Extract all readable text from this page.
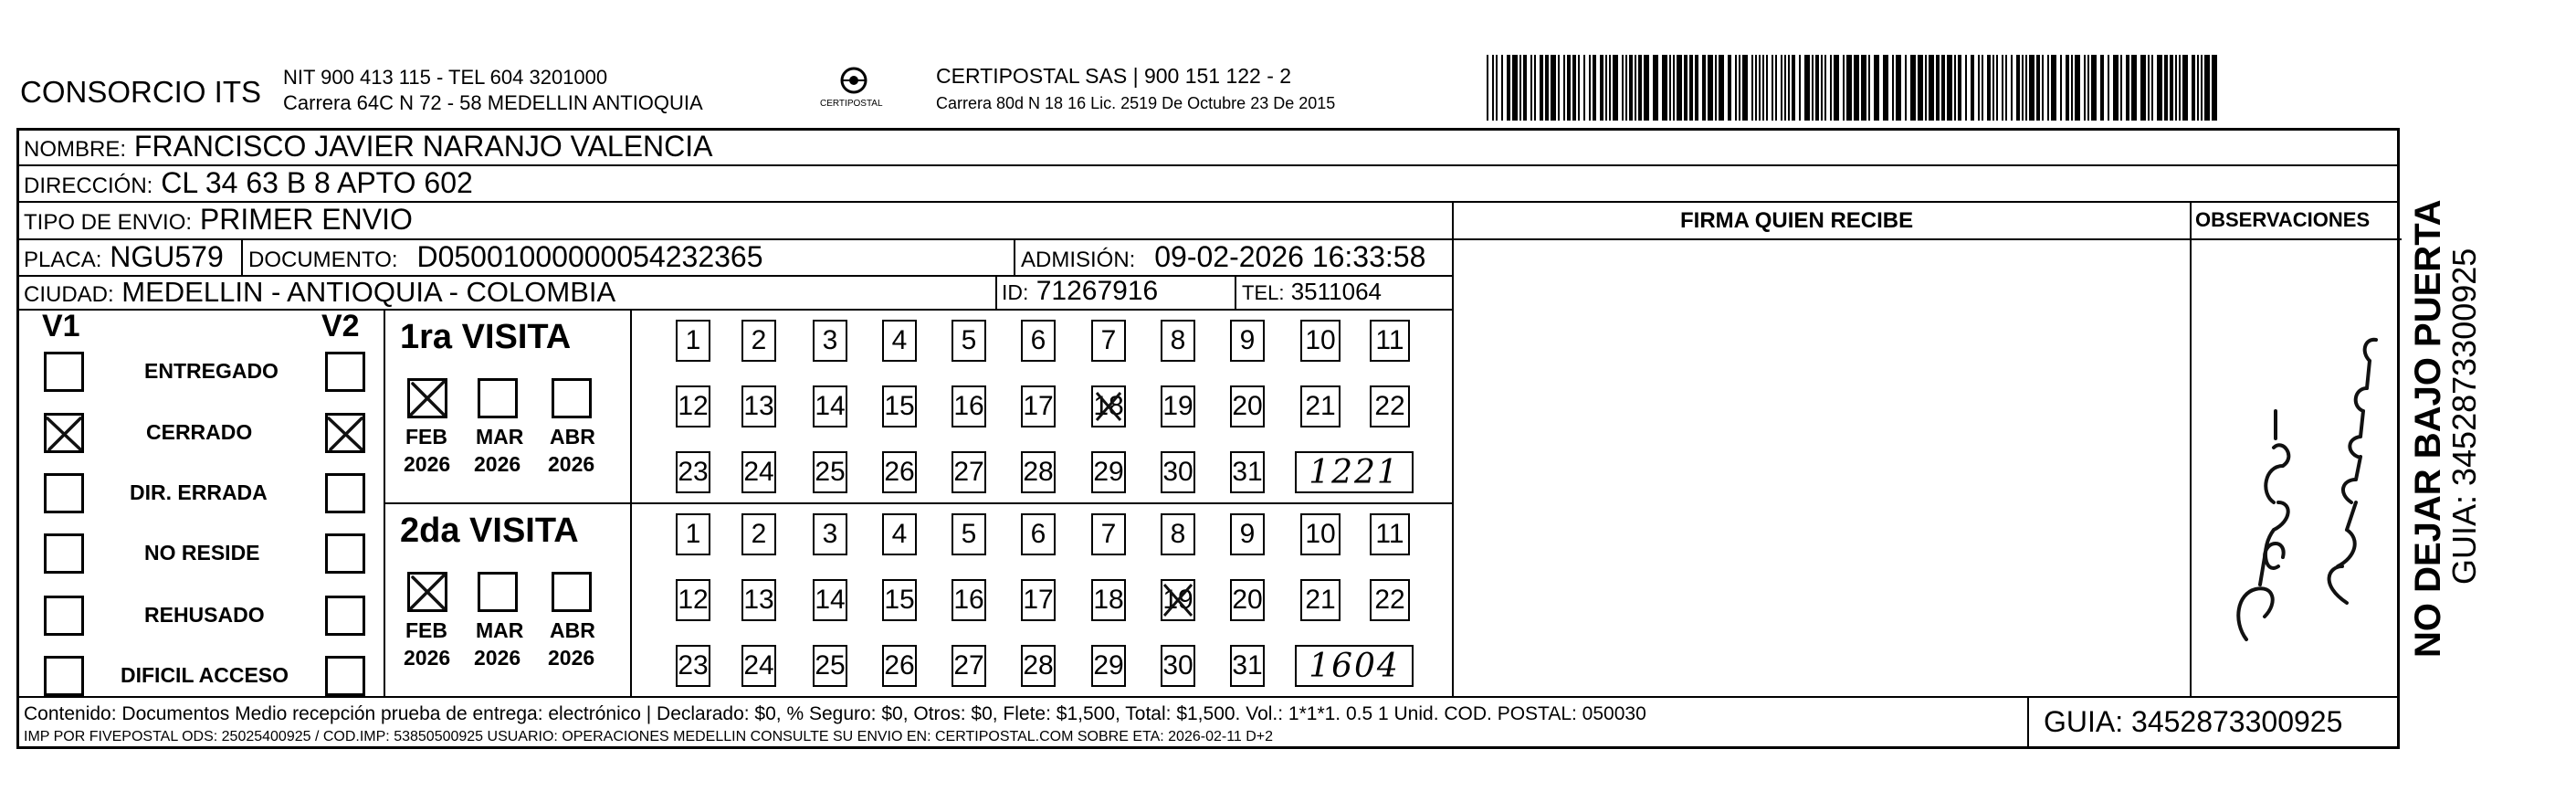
CONSORCIO ITS NIT 900 413 115 - TEL 604 3201000
Carrera 64C N 72 - 58 MEDELLIN ANTIOQUIA	CERTIPOSTAL
CERTIPOSTAL SAS | 900 151 122 - 2
Carrera 80d N 18 16 Lic. 2519 De Octubre 23 De 2015
NOMBRE: FRANCISCO JAVIER NARANJO VALENCIA
DIRECCIÓN: CL 34 63 B 8 APTO 602
TIPO DE ENVIO: PRIMER ENVIO	FIRMA QUIEN RECIBE	OBSERVACIONES
PLACA: NGU579 DOCUMENTO: D05001000000054232365	ADMISIÓN: 09-02-2026 16:33:58
CIUDAD: MEDELLIN - ANTIOQUIA - COLOMBIA	ID: 71267916	TEL: 3511064
V1	V2
ENTREGADO
CERRADO
DIR. ERRADA
NO RESIDE
REHUSADO
DIFICIL ACCESO
1ra VISITA
FEB
2026
MAR
2026
ABR
2026
1	2	3	4	5	6	7	8	9	10 11
12 13 14 15 16 17 18 19 20 21 22
23 24 25 26 27 28 29 30 31	1221
2da VISITA
FEB
2026
MAR
2026
ABR
2026
1	2	3	4	5	6	7	8	9	10 11
12 13 14 15 16 17 18 19 20 21 22
23 24 25 26 27 28 29 30 31	1604
NO DEJAR BAJO PUERTA
GUIA: 3452873300925
Contenido: Documentos Medio recepción prueba de entrega: electrónico | Declarado: $0, % Seguro: $0, Otros: $0, Flete: $1,500, Total: $1,500. Vol.: 1*1*1. 0.5 1 Unid. COD. POSTAL: 050030
IMP POR FIVEPOSTAL ODS: 25025400925 / COD.IMP: 53850500925 USUARIO: OPERACIONES MEDELLIN CONSULTE SU ENVIO EN: CERTIPOSTAL.COM SOBRE ETA: 2026-02-11 D+2	GUIA: 3452873300925
